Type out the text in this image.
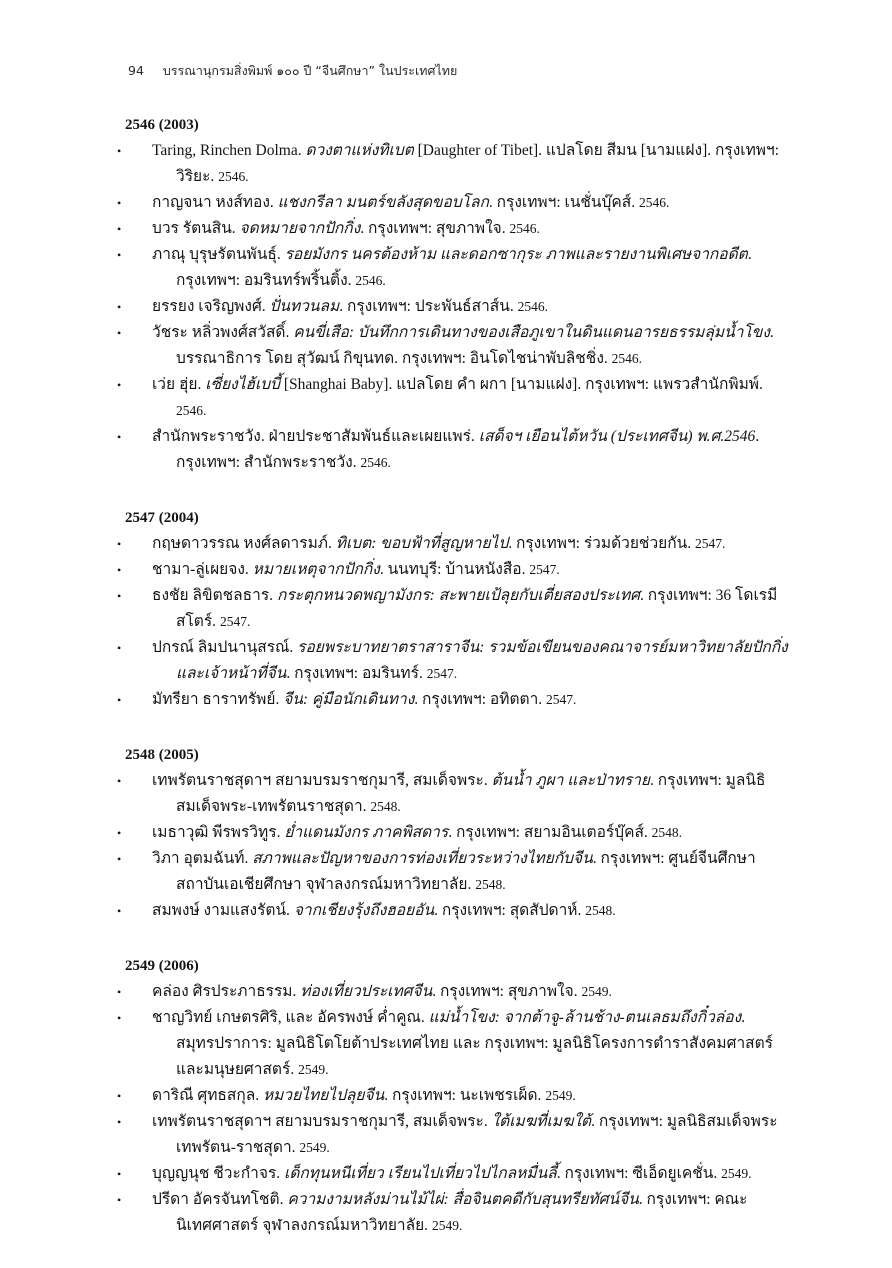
94 บรรณานุกรมสิ่งพิมพ์ ๑๐๐ ปี “จีนศึกษา” ในประเทศไทย
2546 (2003)
• Taring, Rinchen Dolma. ดวงตาแห่งทิเบต [Daughter of Tibet]. แปลโดย สีมน [นามแฝง]. กรุงเทพฯ: วิริยะ. 2546.
• กาญจนา หงส์ทอง. แชงกรีลา มนตร์ขลังสุดขอบโลก. กรุงเทพฯ: เนชั่นบุ๊คส์. 2546.
• บวร รัตนสิน. จดหมายจากปักกิ่ง. กรุงเทพฯ: สุขภาพใจ. 2546.
• ภาณุ บุรุษรัตนพันธุ์. รอยมังกร นครต้องห้าม และดอกซากุระ ภาพและรายงานพิเศษจากอดีต. กรุงเทพฯ: อมรินทร์พริ้นติ้ง. 2546.
• ยรรยง เจริญพงศ์. ปั่นทวนลม. กรุงเทพฯ: ประพันธ์สาส์น. 2546.
• วัชระ หลิ่วพงศ์สวัสดิ์. คนขี่เสือ: บันทึกการเดินทางของเสือภูเขาในดินแดนอารยธรรมลุ่มน้ำโขง. บรรณาธิการ โดย สุวัฒน์ กิขุนทด. กรุงเทพฯ: อินโดไชน่าพับลิชชิ่ง. 2546.
• เว่ย ฮุ่ย. เซี่ยงไฮ้เบบี้ [Shanghai Baby]. แปลโดย คำ ผกา [นามแฝง]. กรุงเทพฯ: แพรวสำนักพิมพ์. 2546.
• สำนักพระราชวัง. ฝ่ายประชาสัมพันธ์และเผยแพร่. เสด็จฯ เยือนไต้หวัน (ประเทศจีน) พ.ศ.2546. กรุงเทพฯ: สำนักพระราชวัง. 2546.
2547 (2004)
• กฤษดาวรรณ หงศ์ลดารมภ์. ทิเบต: ขอบฟ้าที่สูญหายไป. กรุงเทพฯ: ร่วมด้วยช่วยกัน. 2547.
• ชามา-ลู่เผยจง. หมายเหตุจากปักกิ่ง. นนทบุรี: บ้านหนังสือ. 2547.
• ธงชัย ลิขิตชลธาร. กระตุกหนวดพญามังกร: สะพายเป้ลุยกับเตี่ยสองประเทศ. กรุงเทพฯ: 36 โดเรมี สโตร์. 2547.
• ปกรณ์ ลิมปนานุสรณ์. รอยพระบาทยาตราสาราจีน: รวมข้อเขียนของคณาจารย์มหาวิทยาลัยปักกิ่งและเจ้าหน้าที่จีน. กรุงเทพฯ: อมรินทร์. 2547.
• มัทรียา ธาราทรัพย์. จีน: คู่มือนักเดินทาง. กรุงเทพฯ: อทิตตา. 2547.
2548 (2005)
• เทพรัตนราชสุดาฯ สยามบรมราชกุมารี, สมเด็จพระ. ต้นน้ำ ภูผา และป่าทราย. กรุงเทพฯ: มูลนิธิสมเด็จพระ-เทพรัตนราชสุดา. 2548.
• เมธาวุฒิ พีรพรวิทูร. ย่ำแดนมังกร ภาคพิสดาร. กรุงเทพฯ: สยามอินเตอร์บุ๊คส์. 2548.
• วิภา อุตมฉันท์. สภาพและปัญหาของการท่องเที่ยวระหว่างไทยกับจีน. กรุงเทพฯ: ศูนย์จีนศึกษา สถาบันเอเชียศึกษา จุฬาลงกรณ์มหาวิทยาลัย. 2548.
• สมพงษ์ งามแสงรัตน์. จากเชียงรุ้งถึงฮอยอัน. กรุงเทพฯ: สุดสัปดาห์. 2548.
2549 (2006)
• คล่อง ศิรประภาธรรม. ท่องเที่ยวประเทศจีน. กรุงเทพฯ: สุขภาพใจ. 2549.
• ชาญวิทย์ เกษตรศิริ, และ อัครพงษ์ ค่ำคูณ. แม่น้ำโขง: จากต้าจู-ล้านช้าง-ตนเลธมถึงกิ๋วล่อง. สมุทรปราการ: มูลนิธิโตโยต้าประเทศไทย และ กรุงเทพฯ: มูลนิธิโครงการตำราสังคมศาสตร์และมนุษยศาสตร์. 2549.
• ดาริณี ศุทธสกุล. หมวยไทยไปลุยจีน. กรุงเทพฯ: นะเพชรเผ็ด. 2549.
• เทพรัตนราชสุดาฯ สยามบรมราชกุมารี, สมเด็จพระ. ใต้เมฆที่เมฆใต้. กรุงเทพฯ: มูลนิธิสมเด็จพระเทพรัตน-ราชสุดา. 2549.
• บุญญนุช ชีวะกำจร. เด็กทุนหนีเที่ยว เรียนไปเที่ยวไปไกลหมื่นลี้. กรุงเทพฯ: ซีเอ็ดยูเคชั่น. 2549.
• ปรีดา อัครจันทโชติ. ความงามหลังม่านไม้ไผ่: สื่อจินตคดีกับสุนทรียทัศน์จีน. กรุงเทพฯ: คณะนิเทศศาสตร์ จุฬาลงกรณ์มหาวิทยาลัย. 2549.
